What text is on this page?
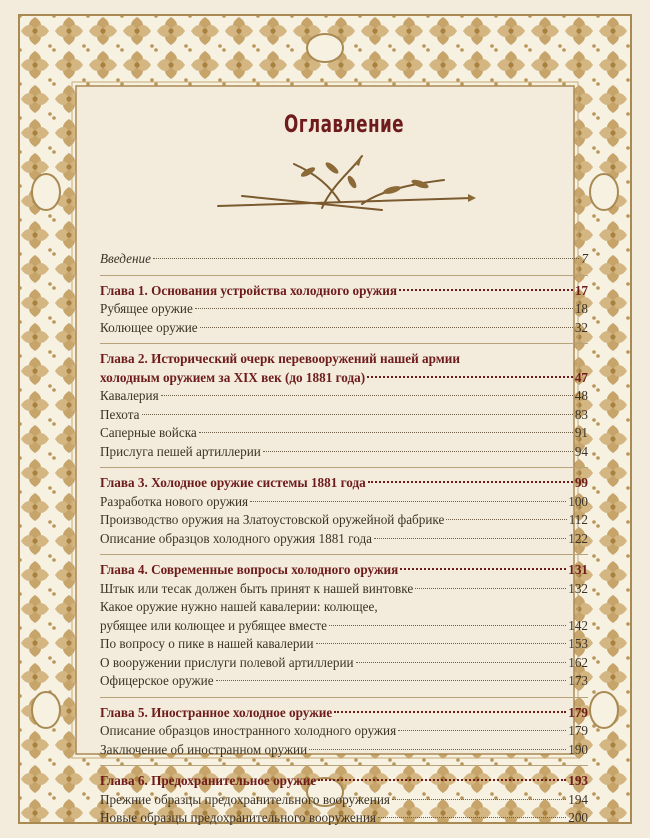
Оглавление
Введение	7
Глава 1. Основания устройства холодного оружия	17
Рубящее оружие	18
Колющее оружие	32
Глава 2. Исторический очерк перевооружений нашей армии
холодным оружием за XIX век (до 1881 года)	47
Кавалерия	48
Пехота	83
Саперные войска	91
Прислуга пешей артиллерии	94
Глава 3. Холодное оружие системы 1881 года	99
Разработка нового оружия	100
Производство оружия на Златоустовской оружейной фабрике	112
Описание образцов холодного оружия 1881 года	122
Глава 4. Современные вопросы холодного оружия	131
Штык или тесак должен быть принят к нашей винтовке	132
Какое оружие нужно нашей кавалерии: колющее,
рубящее или колющее и рубящее вместе	142
По вопросу о пике в нашей кавалерии	153
О вооружении прислуги полевой артиллерии	162
Офицерское оружие	173
Глава 5. Иностранное холодное оружие	179
Описание образцов иностранного холодного оружия	179
Заключение об иностранном оружии	190
Глава 6. Предохранительное оружие	193
Прежние образцы предохранительного вооружения	194
Новые образцы предохранительного вооружения	200
